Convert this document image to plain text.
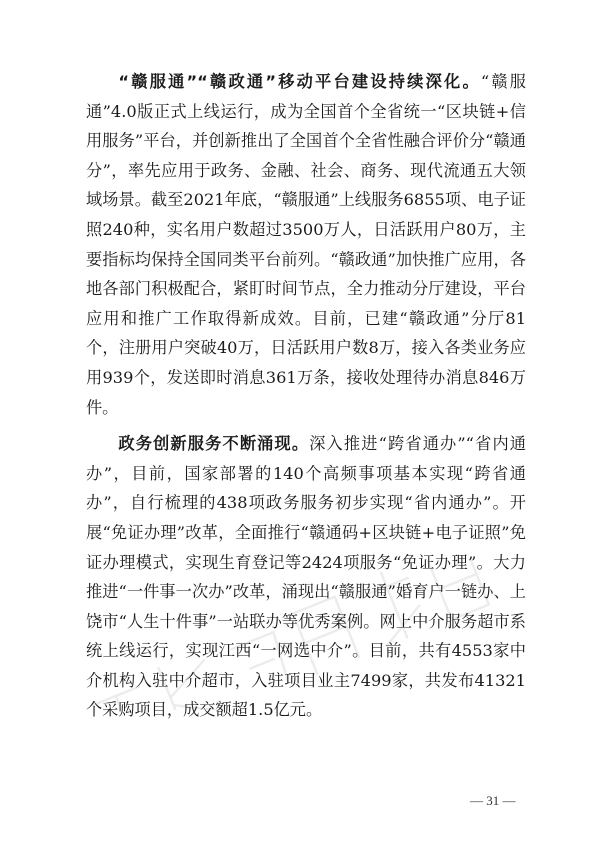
“赣服通”“赣政通”移动平台建设持续深化。“赣服通”4.0版正式上线运行，成为全国首个全省统一“区块链+信用服务”平台，并创新推出了全国首个全省性融合评价分“赣通分”，率先应用于政务、金融、社会、商务、现代流通五大领域场景。截至2021年底，“赣服通”上线服务6855项、电子证照240种，实名用户数超过3500万人，日活跃用户80万，主要指标均保持全国同类平台前列。“赣政通”加快推广应用，各地各部门积极配合，紧盯时间节点，全力推动分厅建设，平台应用和推广工作取得新成效。目前，已建“赣政通”分厅81个，注册用户突破40万，日活跃用户数8万，接入各类业务应用939个，发送即时消息361万条，接收处理待办消息846万件。

政务创新服务不断涌现。深入推进“跨省通办”“省内通办”，目前，国家部署的140个高频事项基本实现“跨省通办”，自行梳理的438项政务服务初步实现“省内通办”。开展“免证办理”改革，全面推行“赣通码+区块链+电子证照”免证办理模式，实现生育登记等2424项服务“免证办理”。大力推进“一件事一次办”改革，涌现出“赣服通”婚育户一链办、上饶市“人生十件事”一站联办等优秀案例。网上中介服务超市系统上线运行，实现江西“一网选中介”。目前，共有4553家中介机构入驻中介超市，入驻项目业主7499家，共发布41321个采购项目，成交额超1.5亿元。

— 31 —
